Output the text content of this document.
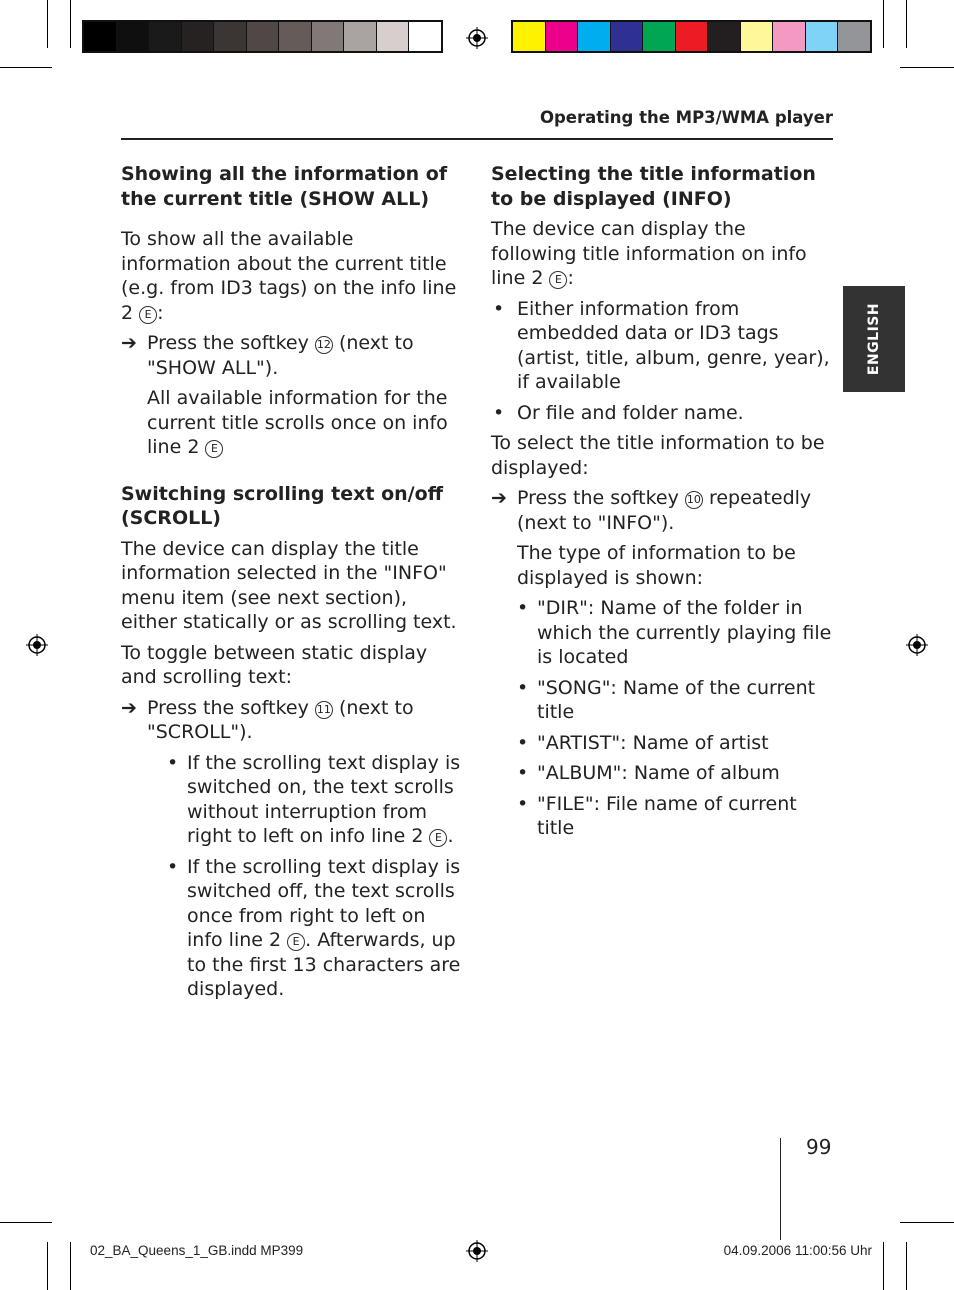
Operating the MP3/WMA player
ENGLISH
Showing all the information of the current title (SHOW ALL)

To show all the available information about the current title (e.g. from ID3 tags) on the info line 2 E :

➔ Press the softkey 12 (next to "SHOW ALL").

All available information for the current title scrolls once on info line 2 E

Switching scrolling text on/off (SCROLL)

The device can display the title information selected in the "INFO" menu item (see next section), either statically or as scrolling text.

To toggle between static display and scrolling text:

➔ Press the softkey 11 (next to "SCROLL").
• If the scrolling text display is switched on, the text scrolls without interruption from right to left on info line 2 E .
• If the scrolling text display is switched off, the text scrolls once from right to left on info line 2 E . Afterwards, up to the first 13 characters are displayed.
Selecting the title information to be displayed (INFO)

The device can display the following title information on info line 2 E :

• Either information from embedded data or ID3 tags (artist, title, album, genre, year), if available
• Or file and folder name.

To select the title information to be displayed:

➔ Press the softkey 10 repeatedly (next to "INFO").

The type of information to be displayed is shown:

• "DIR": Name of the folder in which the currently playing file is located
• "SONG": Name of the current title
• "ARTIST": Name of artist
• "ALBUM": Name of album
• "FILE": File name of current title
99
02_BA_Queens_1_GB.indd MP399	04.09.2006 11:00:56 Uhr
